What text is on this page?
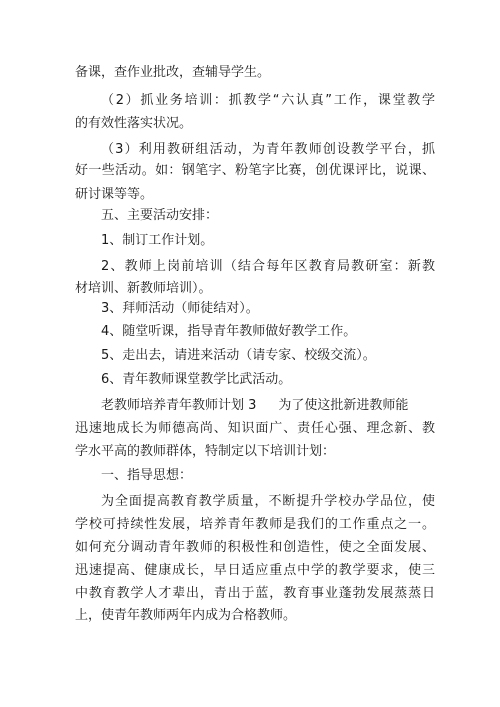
备课，查作业批改，查辅导学生。
（2）抓业务培训：抓教学“六认真”工作，课堂教学
的有效性落实状况。
（3）利用教研组活动，为青年教师创设教学平台，抓
好一些活动。如：钢笔字、粉笔字比赛，创优课评比，说课、
研讨课等等。
五、主要活动安排：
1、制订工作计划。
2、教师上岗前培训（结合每年区教育局教研室：新教
材培训、新教师培训）。
3、拜师活动（师徒结对）。
4、随堂听课，指导青年教师做好教学工作。
5、走出去，请进来活动（请专家、校级交流）。
6、青年教师课堂教学比武活动。
老教师培养青年教师计划 3 为了使这批新进教师能
迅速地成长为师德高尚、知识面广、责任心强、理念新、教
学水平高的教师群体，特制定以下培训计划：
一、指导思想：
为全面提高教育教学质量，不断提升学校办学品位，使
学校可持续性发展，培养青年教师是我们的工作重点之一。
如何充分调动青年教师的积极性和创造性，使之全面发展、
迅速提高、健康成长，早日适应重点中学的教学要求，使三
中教育教学人才辈出，青出于蓝，教育事业蓬勃发展蒸蒸日
上，使青年教师两年内成为合格教师。
